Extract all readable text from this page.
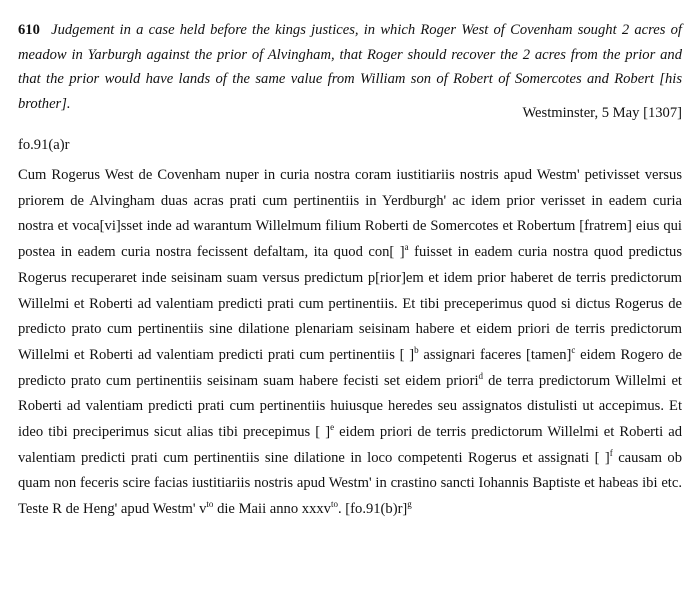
610 Judgement in a case held before the kings justices, in which Roger West of Covenham sought 2 acres of meadow in Yarburgh against the prior of Alvingham, that Roger should recover the 2 acres from the prior and that the prior would have lands of the same value from William son of Robert of Somercotes and Robert [his brother].
Westminster, 5 May [1307]
fo.91(a)r
Cum Rogerus West de Covenham nuper in curia nostra coram iustitiariis nostris apud Westm' petivisset versus priorem de Alvingham duas acras prati cum pertinentiis in Yerdburgh' ac idem prior verisset in eadem curia nostra et voca[vi]sset inde ad warantum Willelmum filium Roberti de Somercotes et Robertum [fratrem] eius qui postea in eadem curia nostra fecissent defaltam, ita quod con[ ]$^a$ fuisset in eadem curia nostra quod predictus Rogerus recuperaret inde seisinam suam versus predictum p[rior]em et idem prior haberet de terris predictorum Willelmi et Roberti ad valentiam predicti prati cum pertinentiis. Et tibi preceperimus quod si dictus Rogerus de predicto prato cum pertinentiis sine dilatione plenariam seisinam habere et eidem priori de terris predictorum Willelmi et Roberti ad valentiam predicti prati cum pertinentiis [ ]$^b$ assignari faceres [tamen]$^c$ eidem Rogero de predicto prato cum pertinentiis seisinam suam habere fecisti set eidem priori$^d$ de terra predictorum Willelmi et Roberti ad valentiam predicti prati cum pertinentiis huiusque heredes seu assignatos distulisti ut accepimus. Et ideo tibi preciperimus sicut alias tibi precepimus [ ]$^e$ eidem priori de terris predictorum Willelmi et Roberti ad valentiam predicti prati cum pertinentiis sine dilatione in loco competenti Rogerus et assignati [ ]$^f$ causam ob quam non feceris scire facias iustitiariis nostris apud Westm' in crastino sancti Iohannis Baptiste et habeas ibi etc. Teste R de Heng' apud Westm' $v^{to}$ die Maii anno xxxv$^{to}$. $[fo.91(b)r]^g$
